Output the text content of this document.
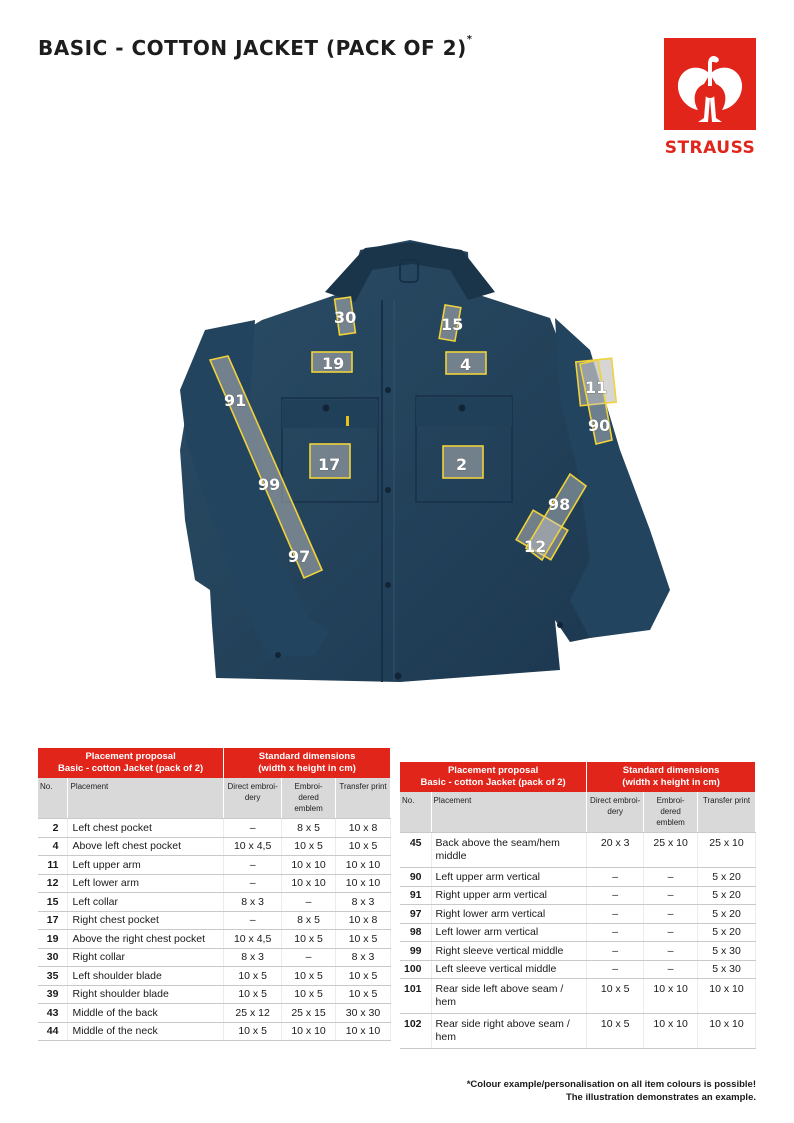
BASIC - COTTON JACKET (PACK OF 2)*
STRAUSS
30	15
19	4
11
90
91
17	2
99
98
12
97
Placement proposal
Basic - cotton Jacket (pack of 2)		Standard dimensions
(width x height in cm)		
No.	Placement	Direct embroi-
dery	Embroi-
dered
emblem	Transfer print
2	Left chest pocket	–	8 x 5	10 x 8
4	Above left chest pocket	10 x 4,5	10 x 5	10 x 5
11	Left upper arm	–	10 x 10	10 x 10
12	Left lower arm	–	10 x 10	10 x 10
15	Left collar	8 x 3	–	8 x 3
17	Right chest pocket	–	8 x 5	10 x 8
19	Above the right chest pocket	10 x 4,5	10 x 5	10 x 5
30	Right collar	8 x 3	–	8 x 3
35	Left shoulder blade	10 x 5	10 x 5	10 x 5
39	Right shoulder blade	10 x 5	10 x 5	10 x 5
43	Middle of the back	25 x 12	25 x 15	30 x 30
44	Middle of the neck	10 x 5	10 x 10	10 x 10
Placement proposal
Basic - cotton Jacket (pack of 2)		Standard dimensions
(width x height in cm)		
No.	Placement	Direct embroi-
dery	Embroi-
dered
emblem	Transfer print
45	Back above the seam/hem middle	20 x 3	25 x 10	25 x 10
90	Left upper arm vertical	–	–	5 x 20
91	Right upper arm vertical	–	–	5 x 20
97	Right lower arm vertical	–	–	5 x 20
98	Left lower arm vertical	–	–	5 x 20
99	Right sleeve vertical middle	–	–	5 x 30
100	Left sleeve vertical middle	–	–	5 x 30
101	Rear side left above seam / hem	10 x 5	10 x 10	10 x 10
102	Rear side right above seam / hem	10 x 5	10 x 10	10 x 10
*Colour example/personalisation on all item colours is possible!
The illustration demonstrates an example.
